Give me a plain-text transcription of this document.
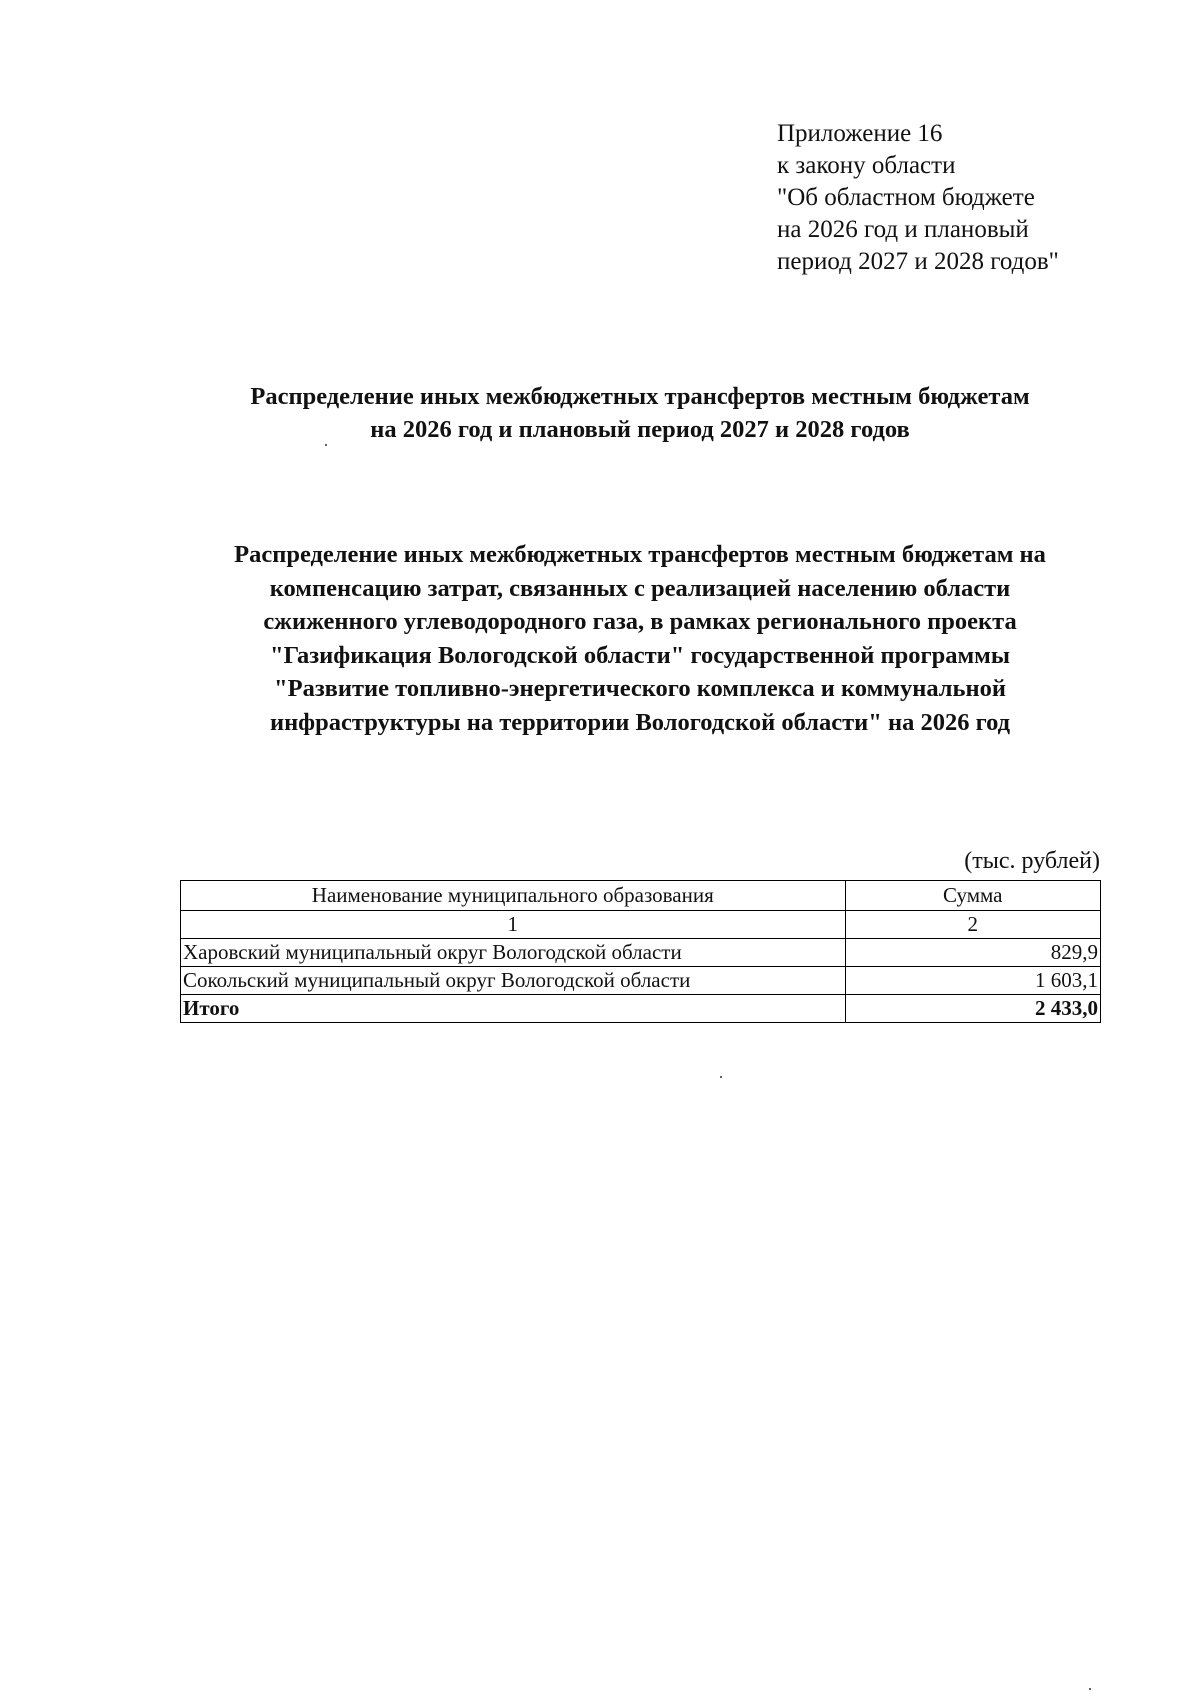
Приложение 16
к закону области
"Об областном бюджете
на 2026 год и плановый
период 2027 и 2028 годов"
Распределение иных межбюджетных трансфертов местным бюджетам
на 2026 год и плановый период 2027 и 2028 годов
Распределение иных межбюджетных трансфертов местным бюджетам на
компенсацию затрат, связанных с реализацией населению области
сжиженного углеводородного газа, в рамках регионального проекта
"Газификация Вологодской области" государственной программы
"Развитие топливно-энергетического комплекса и коммунальной
инфраструктуры на территории Вологодской области" на 2026 год
(тыс. рублей)
Наименование муниципального образования	Сумма
1	2
Харовский муниципальный округ Вологодской области	829,9
Сокольский муниципальный округ Вологодской области	1 603,1
Итого	2 433,0
